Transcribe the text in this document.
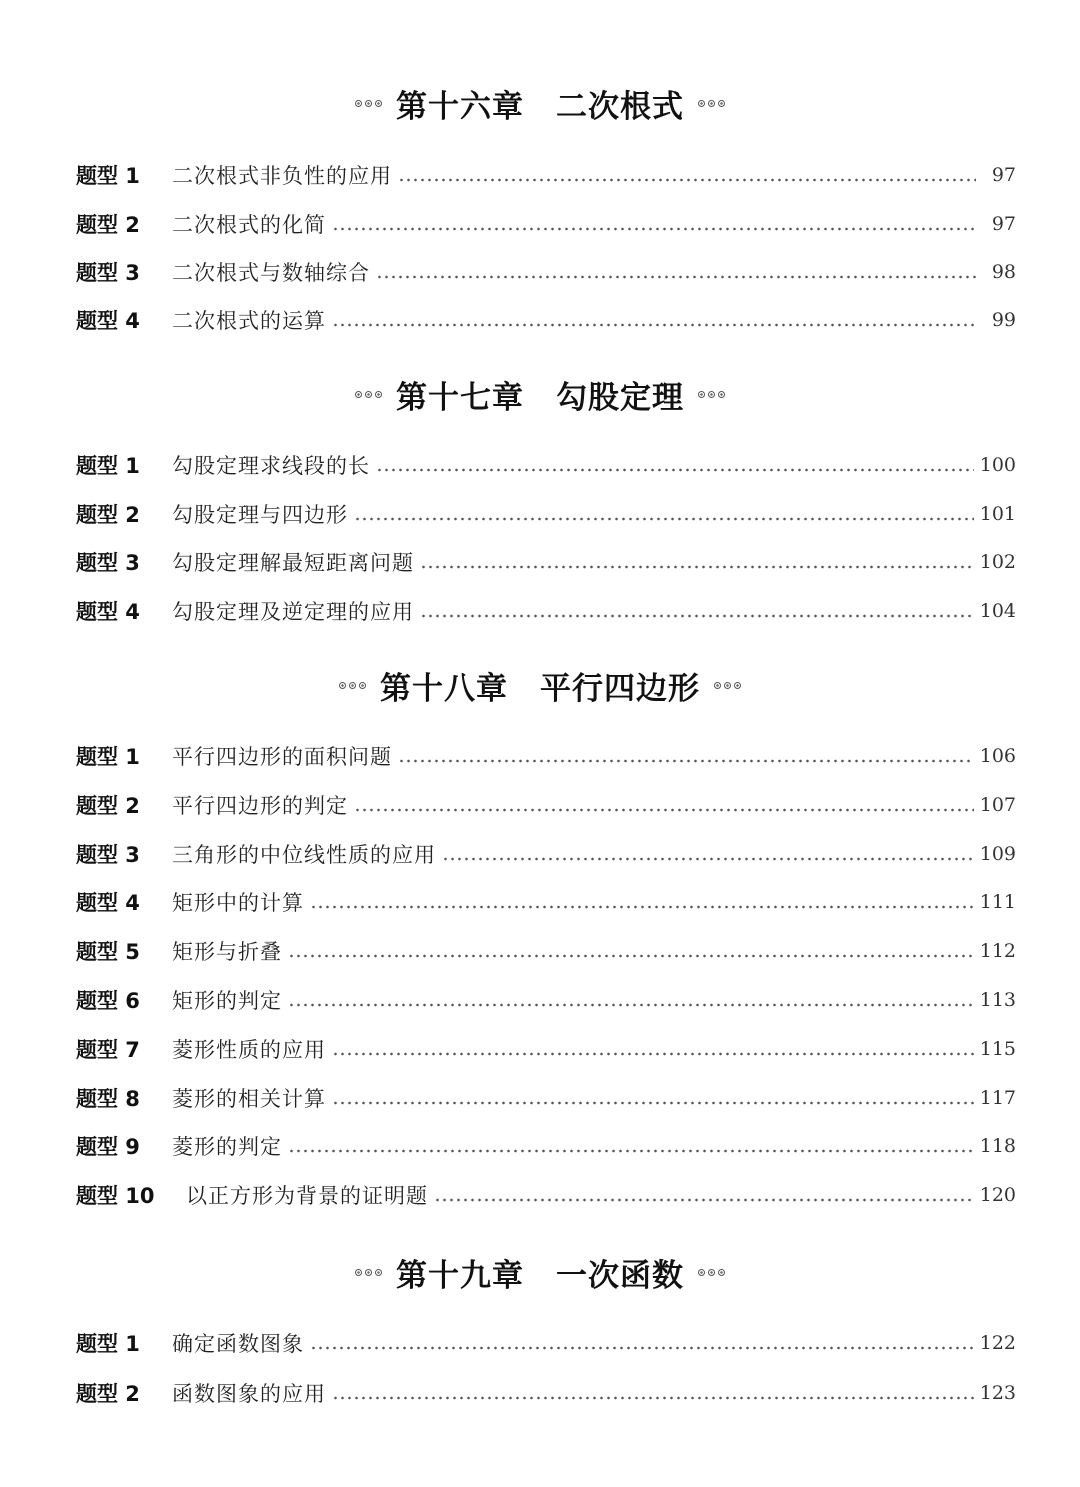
第十六章　二次根式
题型 1	二次根式非负性的应用	97
题型 2	二次根式的化简	97
题型 3	二次根式与数轴综合	98
题型 4	二次根式的运算	99
第十七章　勾股定理
题型 1	勾股定理求线段的长	100
题型 2	勾股定理与四边形	101
题型 3	勾股定理解最短距离问题	102
题型 4	勾股定理及逆定理的应用	104
第十八章　平行四边形
题型 1	平行四边形的面积问题	106
题型 2	平行四边形的判定	107
题型 3	三角形的中位线性质的应用	109
题型 4	矩形中的计算	111
题型 5	矩形与折叠	112
题型 6	矩形的判定	113
题型 7	菱形性质的应用	115
题型 8	菱形的相关计算	117
题型 9	菱形的判定	118
题型 10	以正方形为背景的证明题	120
第十九章　一次函数
题型 1	确定函数图象	122
题型 2	函数图象的应用	123
